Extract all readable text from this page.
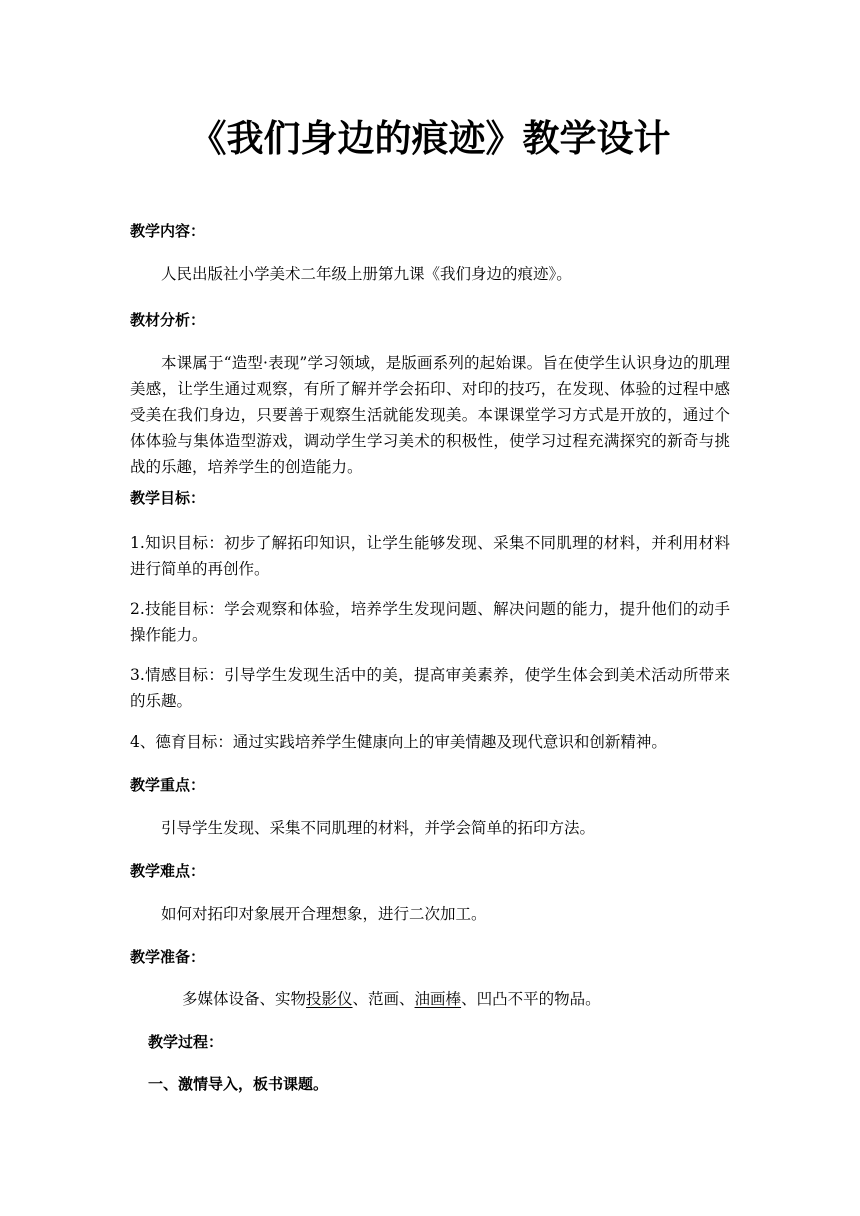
《我们身边的痕迹》教学设计
教学内容：
人民出版社小学美术二年级上册第九课《我们身边的痕迹》。
教材分析：
本课属于“造型·表现”学习领域，是版画系列的起始课。旨在使学生认识身边的肌理美感，让学生通过观察，有所了解并学会拓印、对印的技巧，在发现、体验的过程中感受美在我们身边，只要善于观察生活就能发现美。本课课堂学习方式是开放的，通过个体体验与集体造型游戏，调动学生学习美术的积极性，使学习过程充满探究的新奇与挑战的乐趣，培养学生的创造能力。
教学目标：
1.知识目标：初步了解拓印知识，让学生能够发现、采集不同肌理的材料，并利用材料进行简单的再创作。
2.技能目标：学会观察和体验，培养学生发现问题、解决问题的能力，提升他们的动手操作能力。
3.情感目标：引导学生发现生活中的美，提高审美素养，使学生体会到美术活动所带来的乐趣。
4、德育目标：通过实践培养学生健康向上的审美情趣及现代意识和创新精神。
教学重点：
引导学生发现、采集不同肌理的材料，并学会简单的拓印方法。
教学难点：
如何对拓印对象展开合理想象，进行二次加工。
教学准备：
多媒体设备、实物投影仪、范画、油画棒、凹凸不平的物品。
教学过程：
一、激情导入，板书课题。
